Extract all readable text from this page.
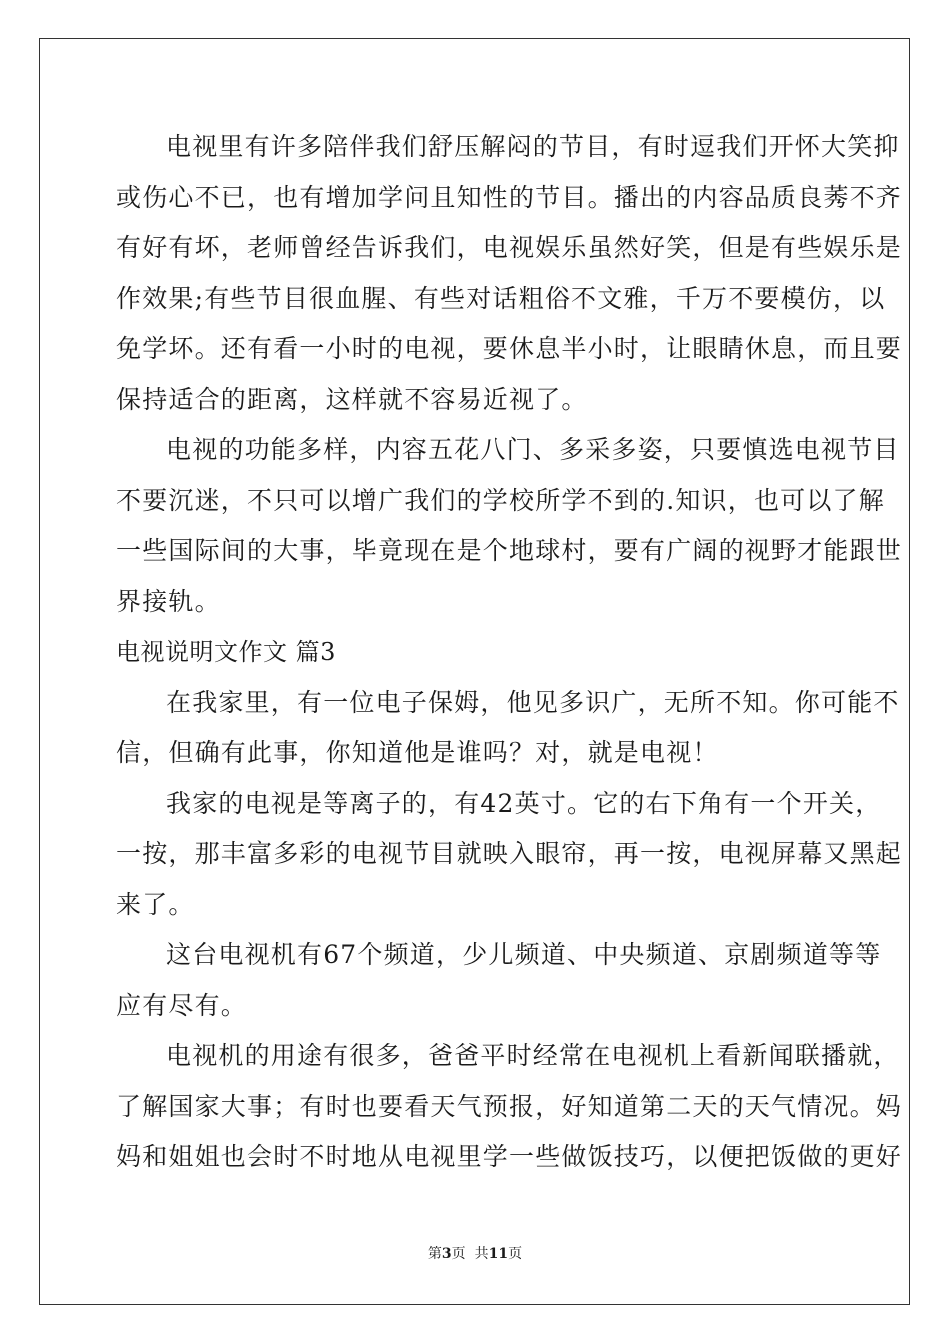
电视里有许多陪伴我们舒压解闷的节目，有时逗我们开怀大笑抑
或伤心不已，也有增加学问且知性的节目。播出的内容品质良莠不齐
有好有坏，老师曾经告诉我们，电视娱乐虽然好笑，但是有些娱乐是
作效果;有些节目很血腥、有些对话粗俗不文雅，千万不要模仿，以
免学坏。还有看一小时的电视，要休息半小时，让眼睛休息，而且要
保持适合的距离，这样就不容易近视了。
电视的功能多样，内容五花八门、多采多姿，只要慎选电视节目
不要沉迷，不只可以增广我们的学校所学不到的.知识，也可以了解
一些国际间的大事，毕竟现在是个地球村，要有广阔的视野才能跟世
界接轨。
电视说明文作文 篇3
在我家里，有一位电子保姆，他见多识广，无所不知。你可能不
信，但确有此事，你知道他是谁吗？对，就是电视！
我家的电视是等离子的，有42英寸。它的右下角有一个开关，
一按，那丰富多彩的电视节目就映入眼帘，再一按，电视屏幕又黑起
来了。
这台电视机有67个频道，少儿频道、中央频道、京剧频道等等
应有尽有。
电视机的用途有很多，爸爸平时经常在电视机上看新闻联播就，
了解国家大事；有时也要看天气预报，好知道第二天的天气情况。妈
妈和姐姐也会时不时地从电视里学一些做饭技巧，以便把饭做的更好
第3页  共11页
